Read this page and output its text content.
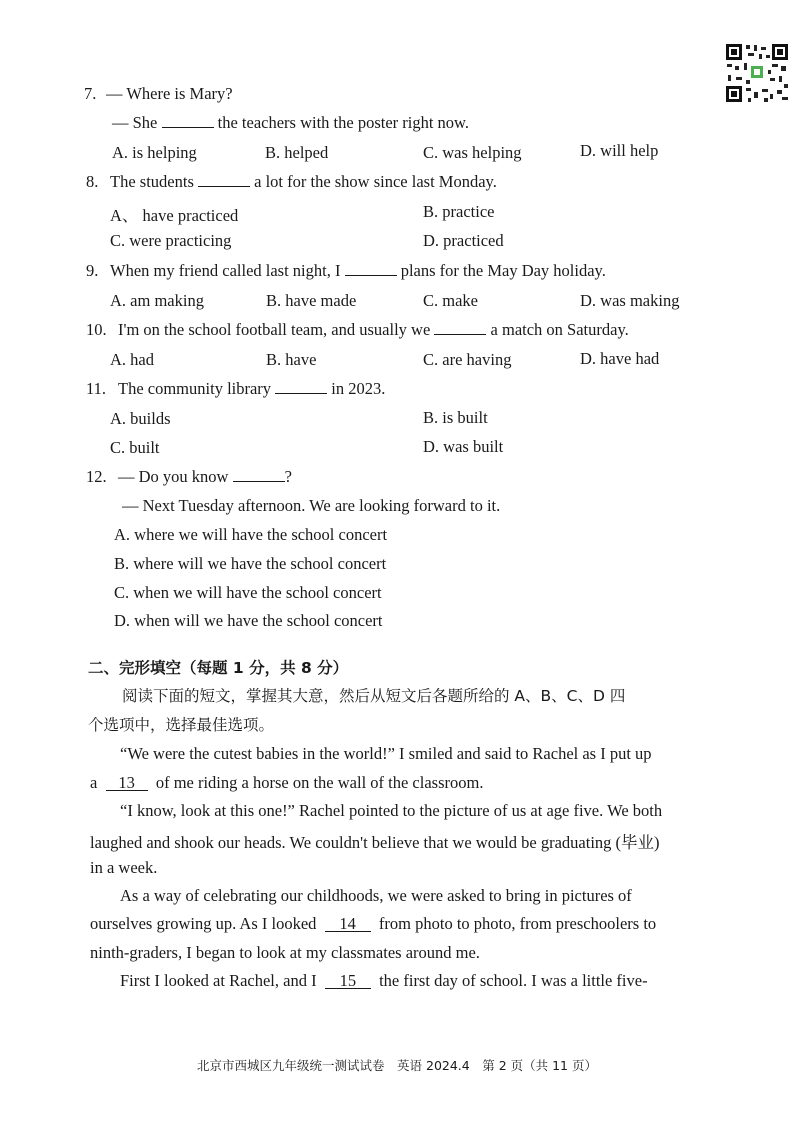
7. — Where is Mary?
— She	the teachers with the poster right now.
A. is helping	B. helped	C. was helping	D. will help
8. The students	a lot for the show since last Monday.
A、 have practiced	B. practice
C. were practicing	D. practiced
9. When my friend called last night, I	plans for the May Day holiday.
A. am making	B. have made	C. make	D. was making
10. I'm on the school football team, and usually we	a match on Saturday.
A. had	B. have	C. are having	D. have had
11. The community library	in 2023.
A. builds	B. is built
C. built	D. was built
12. — Do you know	?
— Next Tuesday afternoon. We are looking forward to it.
A. where we will have the school concert
B. where will we have the school concert
C. when we will have the school concert
D. when will we have the school concert
二、完形填空（每题 1 分，共 8 分）
阅读下面的短文，掌握其大意，然后从短文后各题所给的 A、B、C、D 四
个选项中，选择最佳选项。
“We were the cutest babies in the world!” I smiled and said to Rachel as I put up
a 13 of me riding a horse on the wall of the classroom.
“I know, look at this one!” Rachel pointed to the picture of us at age five. We both
laughed and shook our heads. We couldn't believe that we would be graduating (毕业)
in a week.
As a way of celebrating our childhoods, we were asked to bring in pictures of
ourselves growing up. As I looked 14 from photo to photo, from preschoolers to
ninth-graders, I began to look at my classmates around me.
First I looked at Rachel, and I 15 the first day of school. I was a little five-
北京市西城区九年级统一测试试卷　英语 2024.4　第 2 页（共 11 页）
